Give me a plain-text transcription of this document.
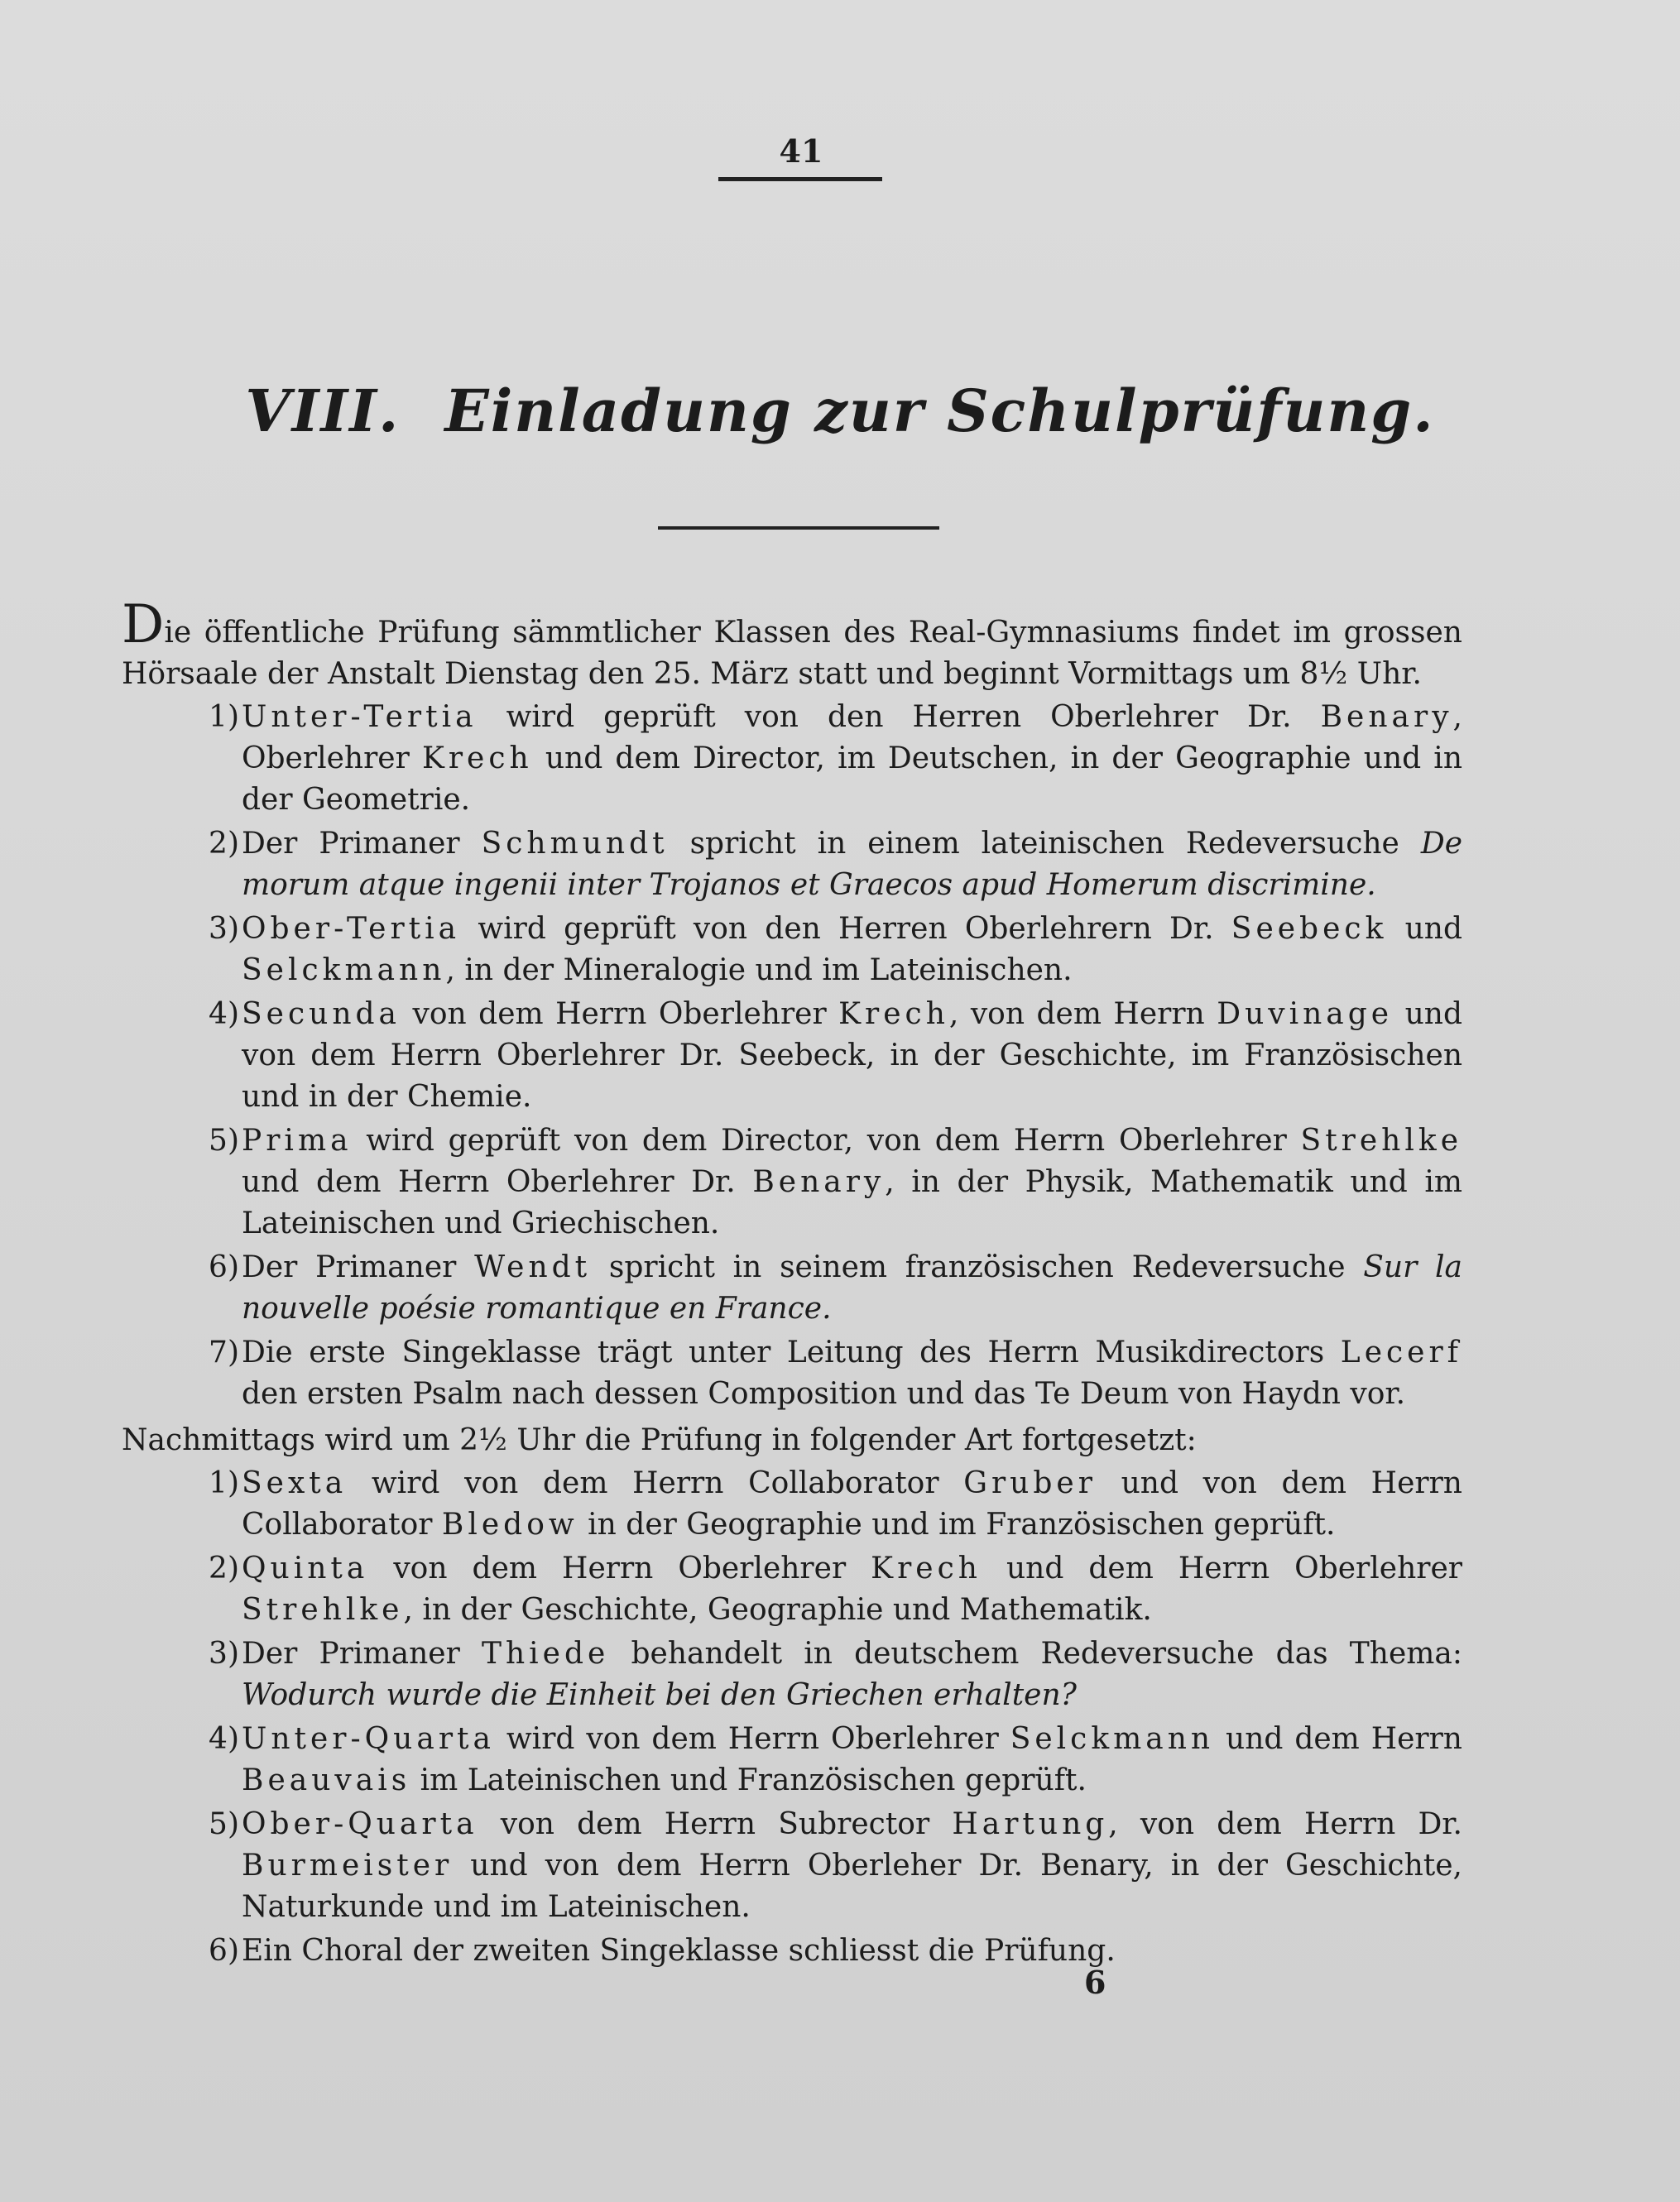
41
VIII. Einladung zur Schulprüfung.
Die öffentliche Prüfung sämmtlicher Klassen des Real-Gymnasiums findet im grossen Hörsaale der Anstalt Dienstag den 25. März statt und beginnt Vormittags um 8½ Uhr.
1) Unter-Tertia wird geprüft von den Herren Oberlehrer Dr. Benary, Oberlehrer Krech und dem Director, im Deutschen, in der Geographie und in der Geometrie.
2) Der Primaner Schmundt spricht in einem lateinischen Redeversuche De morum atque ingenii inter Trojanos et Graecos apud Homerum discrimine.
3) Ober-Tertia wird geprüft von den Herren Oberlehrern Dr. Seebeck und Selckmann, in der Mineralogie und im Lateinischen.
4) Secunda von dem Herrn Oberlehrer Krech, von dem Herrn Duvinage und von dem Herrn Oberlehrer Dr. Seebeck, in der Geschichte, im Französischen und in der Chemie.
5) Prima wird geprüft von dem Director, von dem Herrn Oberlehrer Strehlke und dem Herrn Oberlehrer Dr. Benary, in der Physik, Mathematik und im Lateinischen und Griechischen.
6) Der Primaner Wendt spricht in seinem französischen Redeversuche Sur la nouvelle poésie romantique en France.
7) Die erste Singeklasse trägt unter Leitung des Herrn Musikdirectors Lecerf den ersten Psalm nach dessen Composition und das Te Deum von Haydn vor.
Nachmittags wird um 2½ Uhr die Prüfung in folgender Art fortgesetzt:
1) Sexta wird von dem Herrn Collaborator Gruber und von dem Herrn Collaborator Bledow in der Geographie und im Französischen geprüft.
2) Quinta von dem Herrn Oberlehrer Krech und dem Herrn Oberlehrer Strehlke, in der Geschichte, Geographie und Mathematik.
3) Der Primaner Thiede behandelt in deutschem Redeversuche das Thema: Wodurch wurde die Einheit bei den Griechen erhalten?
4) Unter-Quarta wird von dem Herrn Oberlehrer Selckmann und dem Herrn Beauvais im Lateinischen und Französischen geprüft.
5) Ober-Quarta von dem Herrn Subrector Hartung, von dem Herrn Dr. Burmeister und von dem Herrn Oberleher Dr. Benary, in der Geschichte, Naturkunde und im Lateinischen.
6) Ein Choral der zweiten Singeklasse schliesst die Prüfung.
6
